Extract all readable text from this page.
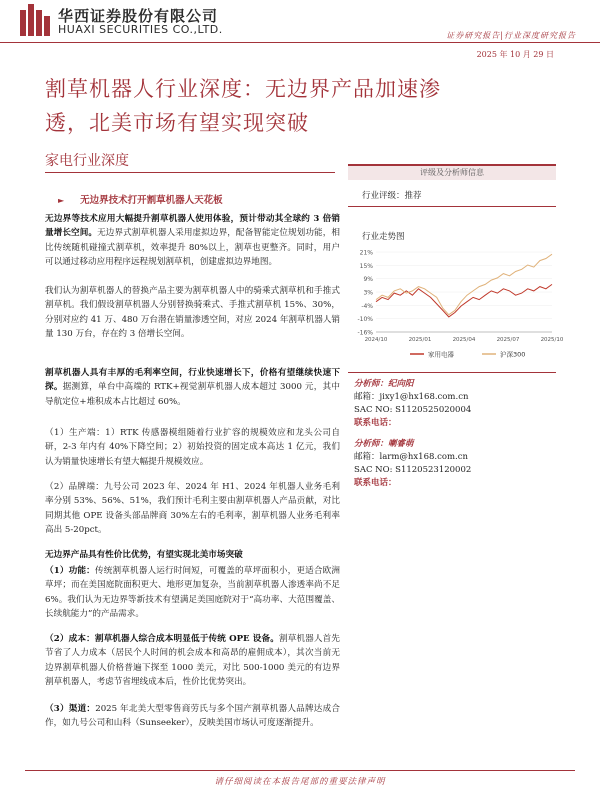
华西证券股份有限公司
HUAXI SECURITIES CO.,LTD.	证券研究报告|行业深度研究报告
2025 年 10 月 29 日
割草机器人行业深度：无边界产品加速渗
透，北美市场有望实现突破
家电行业深度
► 无边界技术打开割草机器人天花板
无边界等技术应用大幅提升割草机器人使用体验，预计带动其全球约 3 倍销量增长空间。无边界式割草机器人采用虚拟边界，配备智能定位规划功能，相比传统随机碰撞式割草机，效率提升 80%以上，割草也更整齐。同时，用户可以通过移动应用程序远程规划割草机，创建虚拟边界地图。
我们认为割草机器人的替换产品主要为割草机器人中的骑乘式割草机和手推式割草机。我们假设割草机器人分别替换骑乘式、手推式割草机 15%、30%，分别对应约 41 万、480 万台潜在销量渗透空间，对应 2024 年割草机器人销量 130 万台，存在约 3 倍增长空间。
割草机器人具有丰厚的毛利率空间，行业快速增长下，价格有望继续快速下探。据测算，单台中高端的 RTK+视觉割草机器人成本超过 3000 元，其中导航定位+堆积成本占比超过 60%。
（1）生产端：1）RTK 传感器模组随着行业扩容的规模效应和龙头公司自研，2-3 年内有 40%下降空间；2）初始投资的固定成本高达 1 亿元，我们认为销量快速增长有望大幅提升规模效应。
（2）品牌端：九号公司 2023 年、2024 年 H1、2024 年机器人业务毛利率分别 53%、56%、51%，我们预计毛利主要由割草机器人产品贡献，对比同期其他 OPE 设备头部品牌商 30%左右的毛利率，割草机器人业务毛利率高出 5-20pct。
无边界产品具有性价比优势，有望实现北美市场突破
（1）功能：传统割草机器人运行时间短，可覆盖的草坪面积小，更适合欧洲草坪；而在美国庭院面积更大、地形更加复杂，当前割草机器人渗透率尚不足 6%。我们认为无边界等新技术有望满足美国庭院对于“高功率、大范围覆盖、长续航能力”的产品需求。
（2）成本：割草机器人综合成本明显低于传统 OPE 设备。割草机器人首先节省了人力成本（居民个人时间的机会成本和高昂的雇佣成本），其次当前无边界割草机器人价格普遍下探至 1000 美元，对比 500-1000 美元的有边界割草机器人，考虑节省埋线成本后，性价比优势突出。
（3）渠道：2025 年北美大型零售商劳氏与多个国产割草机器人品牌达成合作，如九号公司和山科（Sunseeker），反映美国市场认可度逐渐提升。
评级及分析师信息
行业评级：推荐
行业走势图
21%
15%
9%
3%
-4%
-10%
-16%
2024/10	2025/01	2025/04	2025/07	2025/10
家用电器	沪深300
分析师：纪向阳
邮箱：jixy1@hx168.com.cn
SAC NO: S1120525020004
联系电话：
分析师：喇睿萌
邮箱：larm@hx168.com.cn
SAC NO: S1120523120002
联系电话：
请仔细阅读在本报告尾部的重要法律声明
